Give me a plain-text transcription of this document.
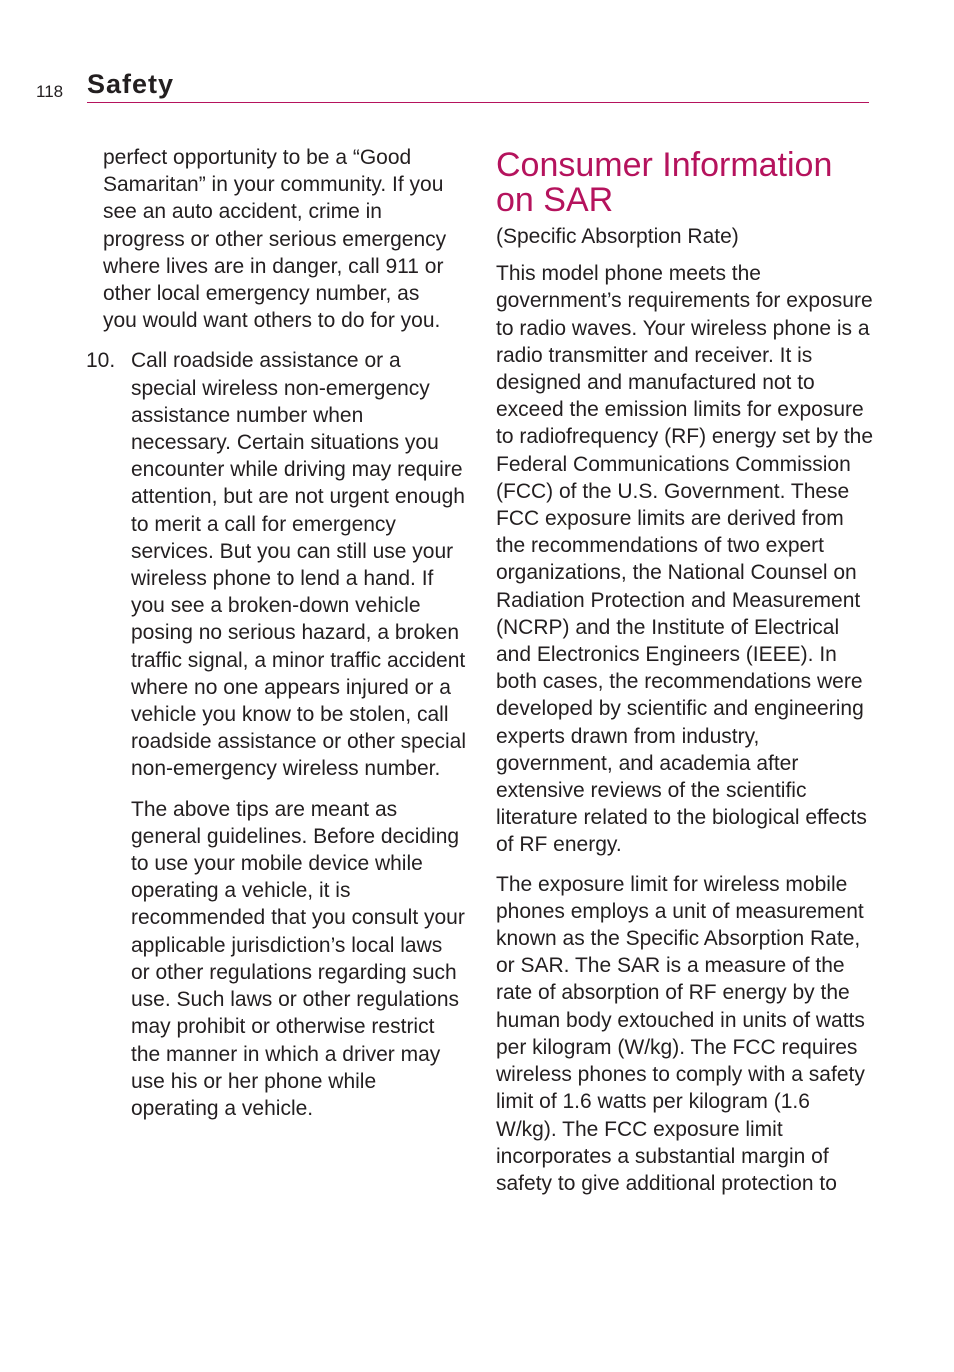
118 Safety

perfect opportunity to be a “Good Samaritan” in your community. If you see an auto accident, crime in progress or other serious emergency where lives are in danger, call 911 or other local emergency number, as you would want others to do for you.

10. Call roadside assistance or a special wireless non-emergency assistance number when necessary. Certain situations you encounter while driving may require attention, but are not urgent enough to merit a call for emergency services. But you can still use your wireless phone to lend a hand. If you see a broken-down vehicle posing no serious hazard, a broken traffic signal, a minor traffic accident where no one appears injured or a vehicle you know to be stolen, call roadside assistance or other special non-emergency wireless number.

The above tips are meant as general guidelines. Before deciding to use your mobile device while operating a vehicle, it is recommended that you consult your applicable jurisdiction’s local laws or other regulations regarding such use. Such laws or other regulations may prohibit or otherwise restrict the manner in which a driver may use his or her phone while operating a vehicle.

Consumer Information on SAR

(Specific Absorption Rate)

This model phone meets the government’s requirements for exposure to radio waves. Your wireless phone is a radio transmitter and receiver. It is designed and manufactured not to exceed the emission limits for exposure to radiofrequency (RF) energy set by the Federal Communications Commission (FCC) of the U.S. Government. These FCC exposure limits are derived from the recommendations of two expert organizations, the National Counsel on Radiation Protection and Measurement (NCRP) and the Institute of Electrical and Electronics Engineers (IEEE). In both cases, the recommendations were developed by scientific and engineering experts drawn from industry, government, and academia after extensive reviews of the scientific literature related to the biological effects of RF energy.

The exposure limit for wireless mobile phones employs a unit of measurement known as the Specific Absorption Rate, or SAR. The SAR is a measure of the rate of absorption of RF energy by the human body extouched in units of watts per kilogram (W/kg). The FCC requires wireless phones to comply with a safety limit of 1.6 watts per kilogram (1.6 W/kg). The FCC exposure limit incorporates a substantial margin of safety to give additional protection to
